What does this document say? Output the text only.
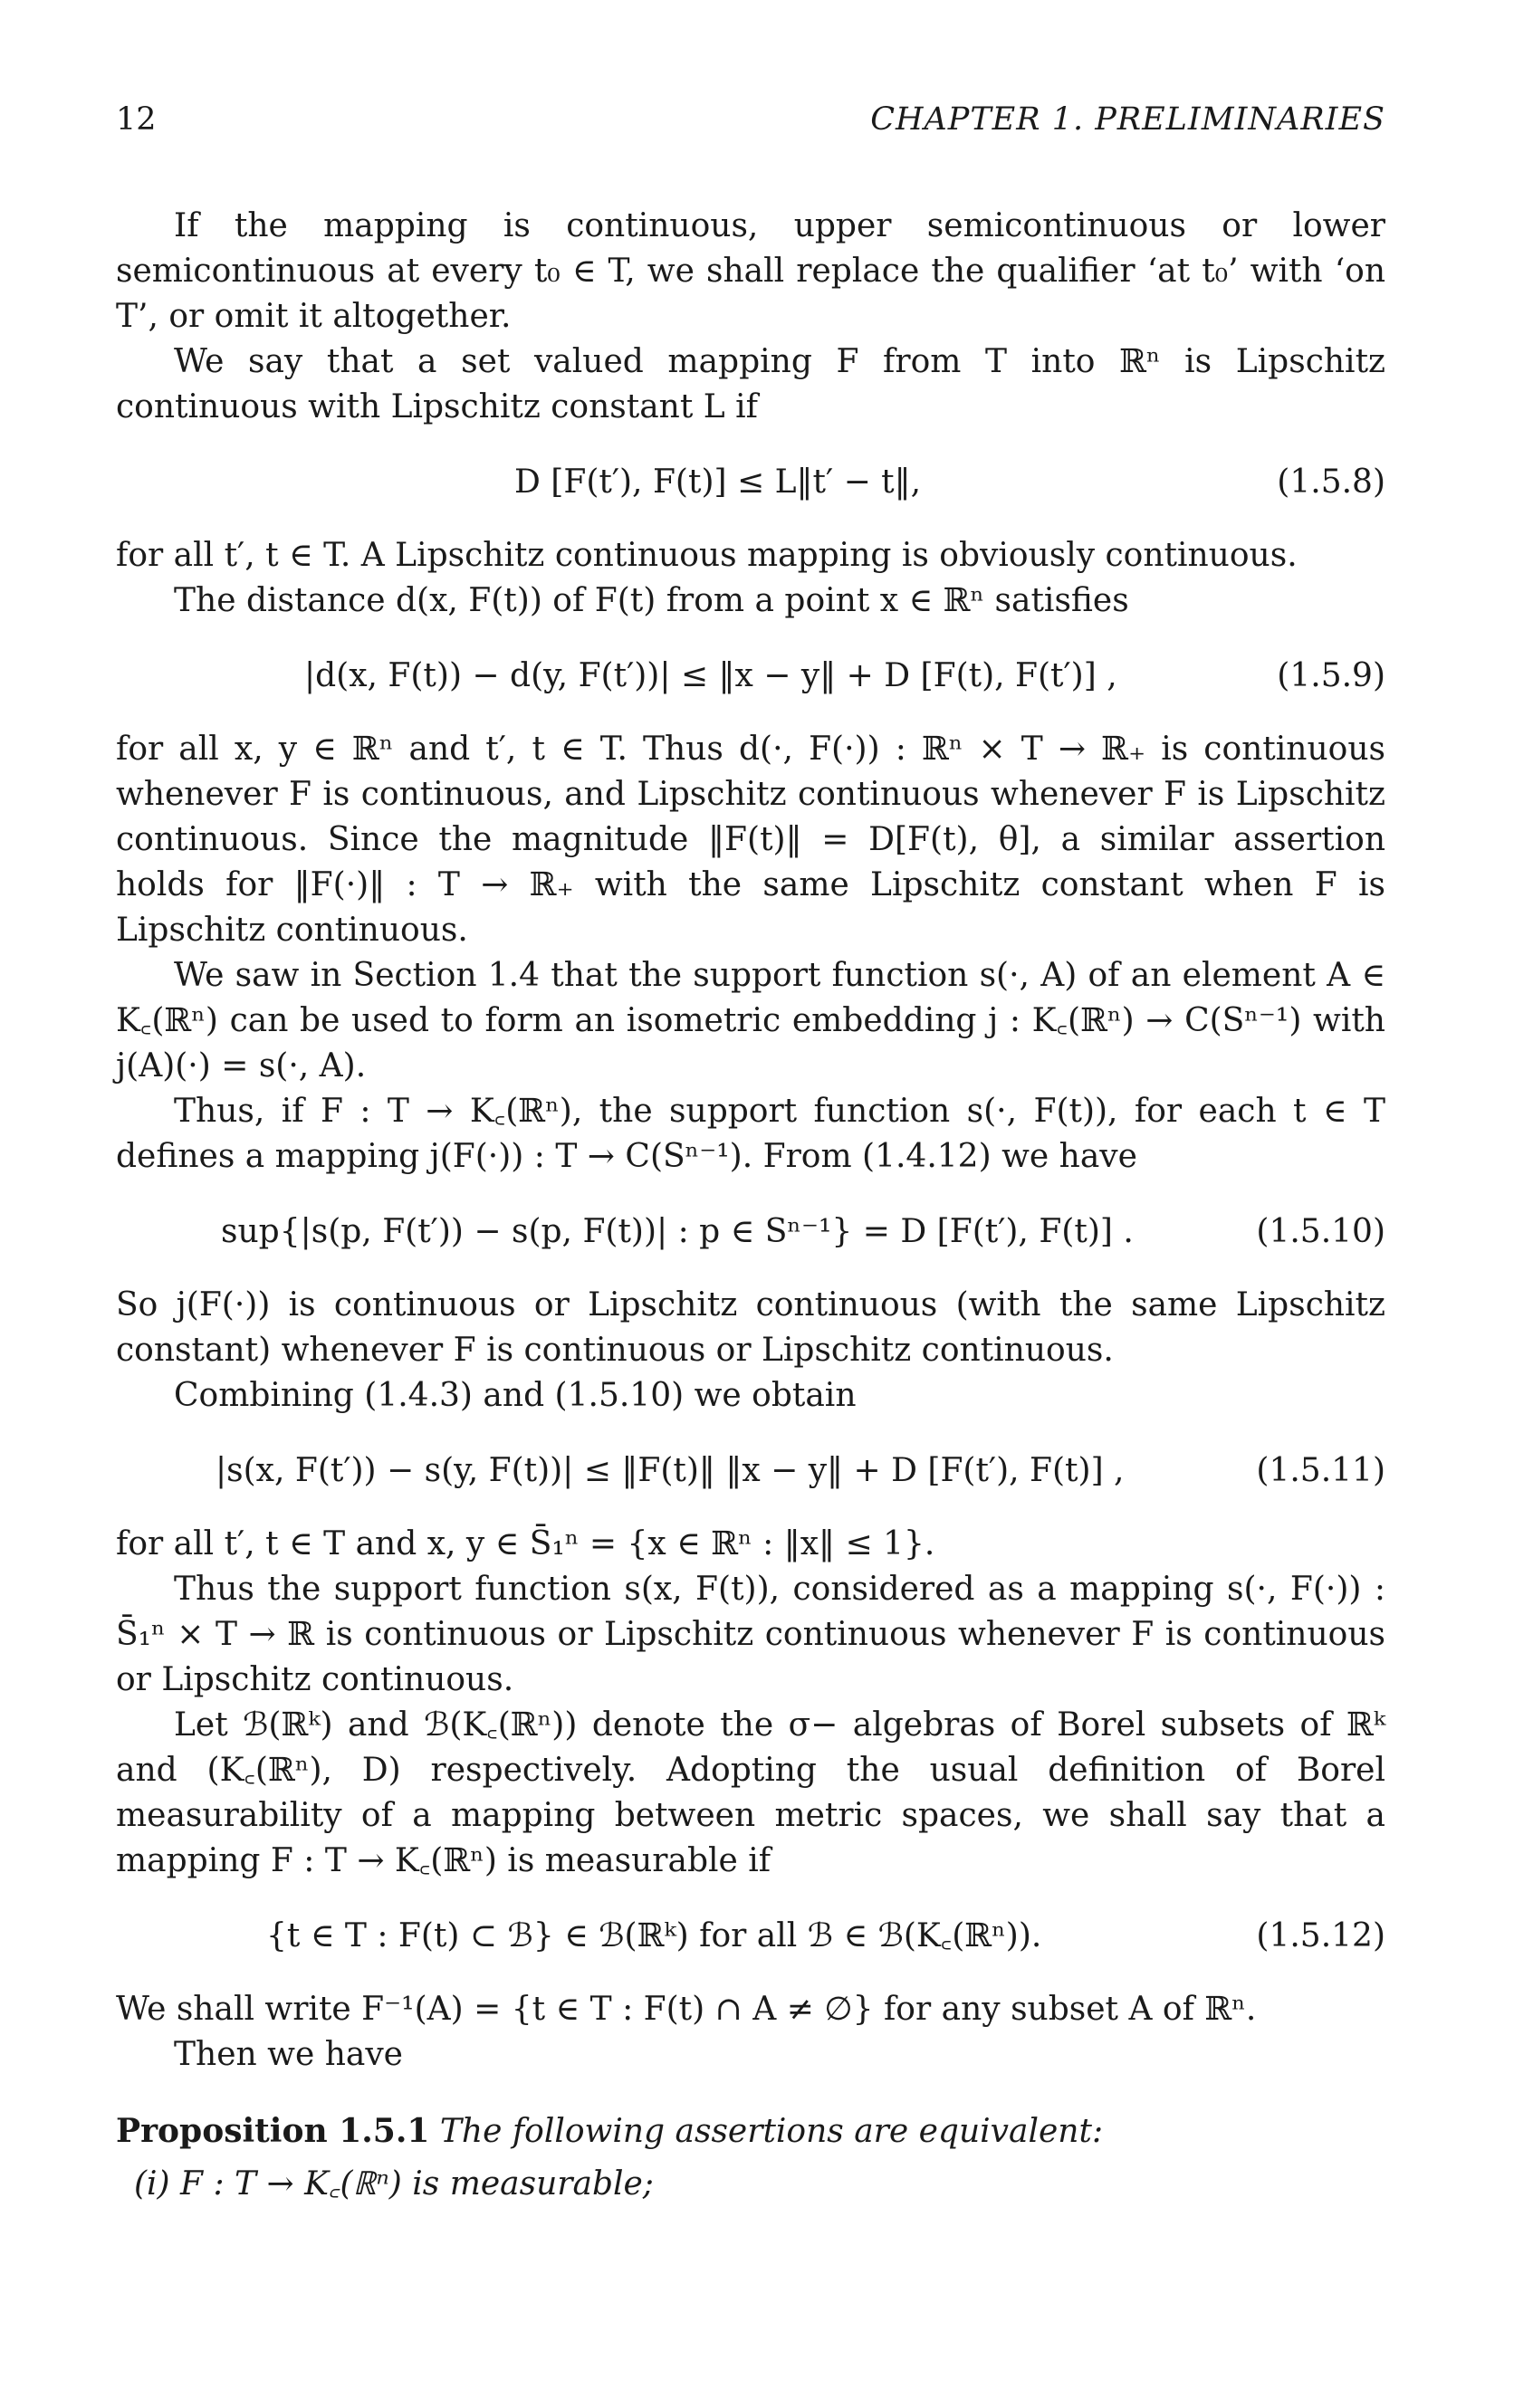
12	CHAPTER 1. PRELIMINARIES

If the mapping is continuous, upper semicontinuous or lower semicontinuous at every t₀ ∈ T, we shall replace the qualifier ‘at t₀’ with ‘on T’, or omit it altogether.

We say that a set valued mapping F from T into ℝⁿ is Lipschitz continuous with Lipschitz constant L if

D [F(t′), F(t)] ≤ L‖t′ − t‖,	(1.5.8)

for all t′, t ∈ T. A Lipschitz continuous mapping is obviously continuous.

The distance d(x, F(t)) of F(t) from a point x ∈ ℝⁿ satisfies

|d(x, F(t)) − d(y, F(t′))| ≤ ‖x − y‖ + D [F(t), F(t′)] ,	(1.5.9)

for all x, y ∈ ℝⁿ and t′, t ∈ T. Thus d(·, F(·)) : ℝⁿ × T → ℝ₊ is continuous whenever F is continuous, and Lipschitz continuous whenever F is Lipschitz continuous. Since the magnitude ‖F(t)‖ = D[F(t), θ], a similar assertion holds for ‖F(·)‖ : T → ℝ₊ with the same Lipschitz constant when F is Lipschitz continuous.

We saw in Section 1.4 that the support function s(·, A) of an element A ∈ K꜀(ℝⁿ) can be used to form an isometric embedding j : K꜀(ℝⁿ) → C(Sⁿ⁻¹) with j(A)(·) = s(·, A).

Thus, if F : T → K꜀(ℝⁿ), the support function s(·, F(t)), for each t ∈ T defines a mapping j(F(·)) : T → C(Sⁿ⁻¹). From (1.4.12) we have

sup{|s(p, F(t′)) − s(p, F(t))| : p ∈ Sⁿ⁻¹} = D [F(t′), F(t)] .	(1.5.10)

So j(F(·)) is continuous or Lipschitz continuous (with the same Lipschitz constant) whenever F is continuous or Lipschitz continuous.

Combining (1.4.3) and (1.5.10) we obtain

|s(x, F(t′)) − s(y, F(t))| ≤ ‖F(t)‖ ‖x − y‖ + D [F(t′), F(t)] ,	(1.5.11)

for all t′, t ∈ T and x, y ∈ S̄₁ⁿ = {x ∈ ℝⁿ : ‖x‖ ≤ 1}.

Thus the support function s(x, F(t)), considered as a mapping s(·, F(·)) : S̄₁ⁿ × T → ℝ is continuous or Lipschitz continuous whenever F is continuous or Lipschitz continuous.

Let ℬ(ℝᵏ) and ℬ(K꜀(ℝⁿ)) denote the σ− algebras of Borel subsets of ℝᵏ and (K꜀(ℝⁿ), D) respectively. Adopting the usual definition of Borel measurability of a mapping between metric spaces, we shall say that a mapping F : T → K꜀(ℝⁿ) is measurable if

{t ∈ T : F(t) ⊂ ℬ} ∈ ℬ(ℝᵏ) for all ℬ ∈ ℬ(K꜀(ℝⁿ)).	(1.5.12)

We shall write F⁻¹(A) = {t ∈ T : F(t) ∩ A ≠ ∅} for any subset A of ℝⁿ.

Then we have

Proposition 1.5.1 The following assertions are equivalent:

(i) F : T → K꜀(ℝⁿ) is measurable;
